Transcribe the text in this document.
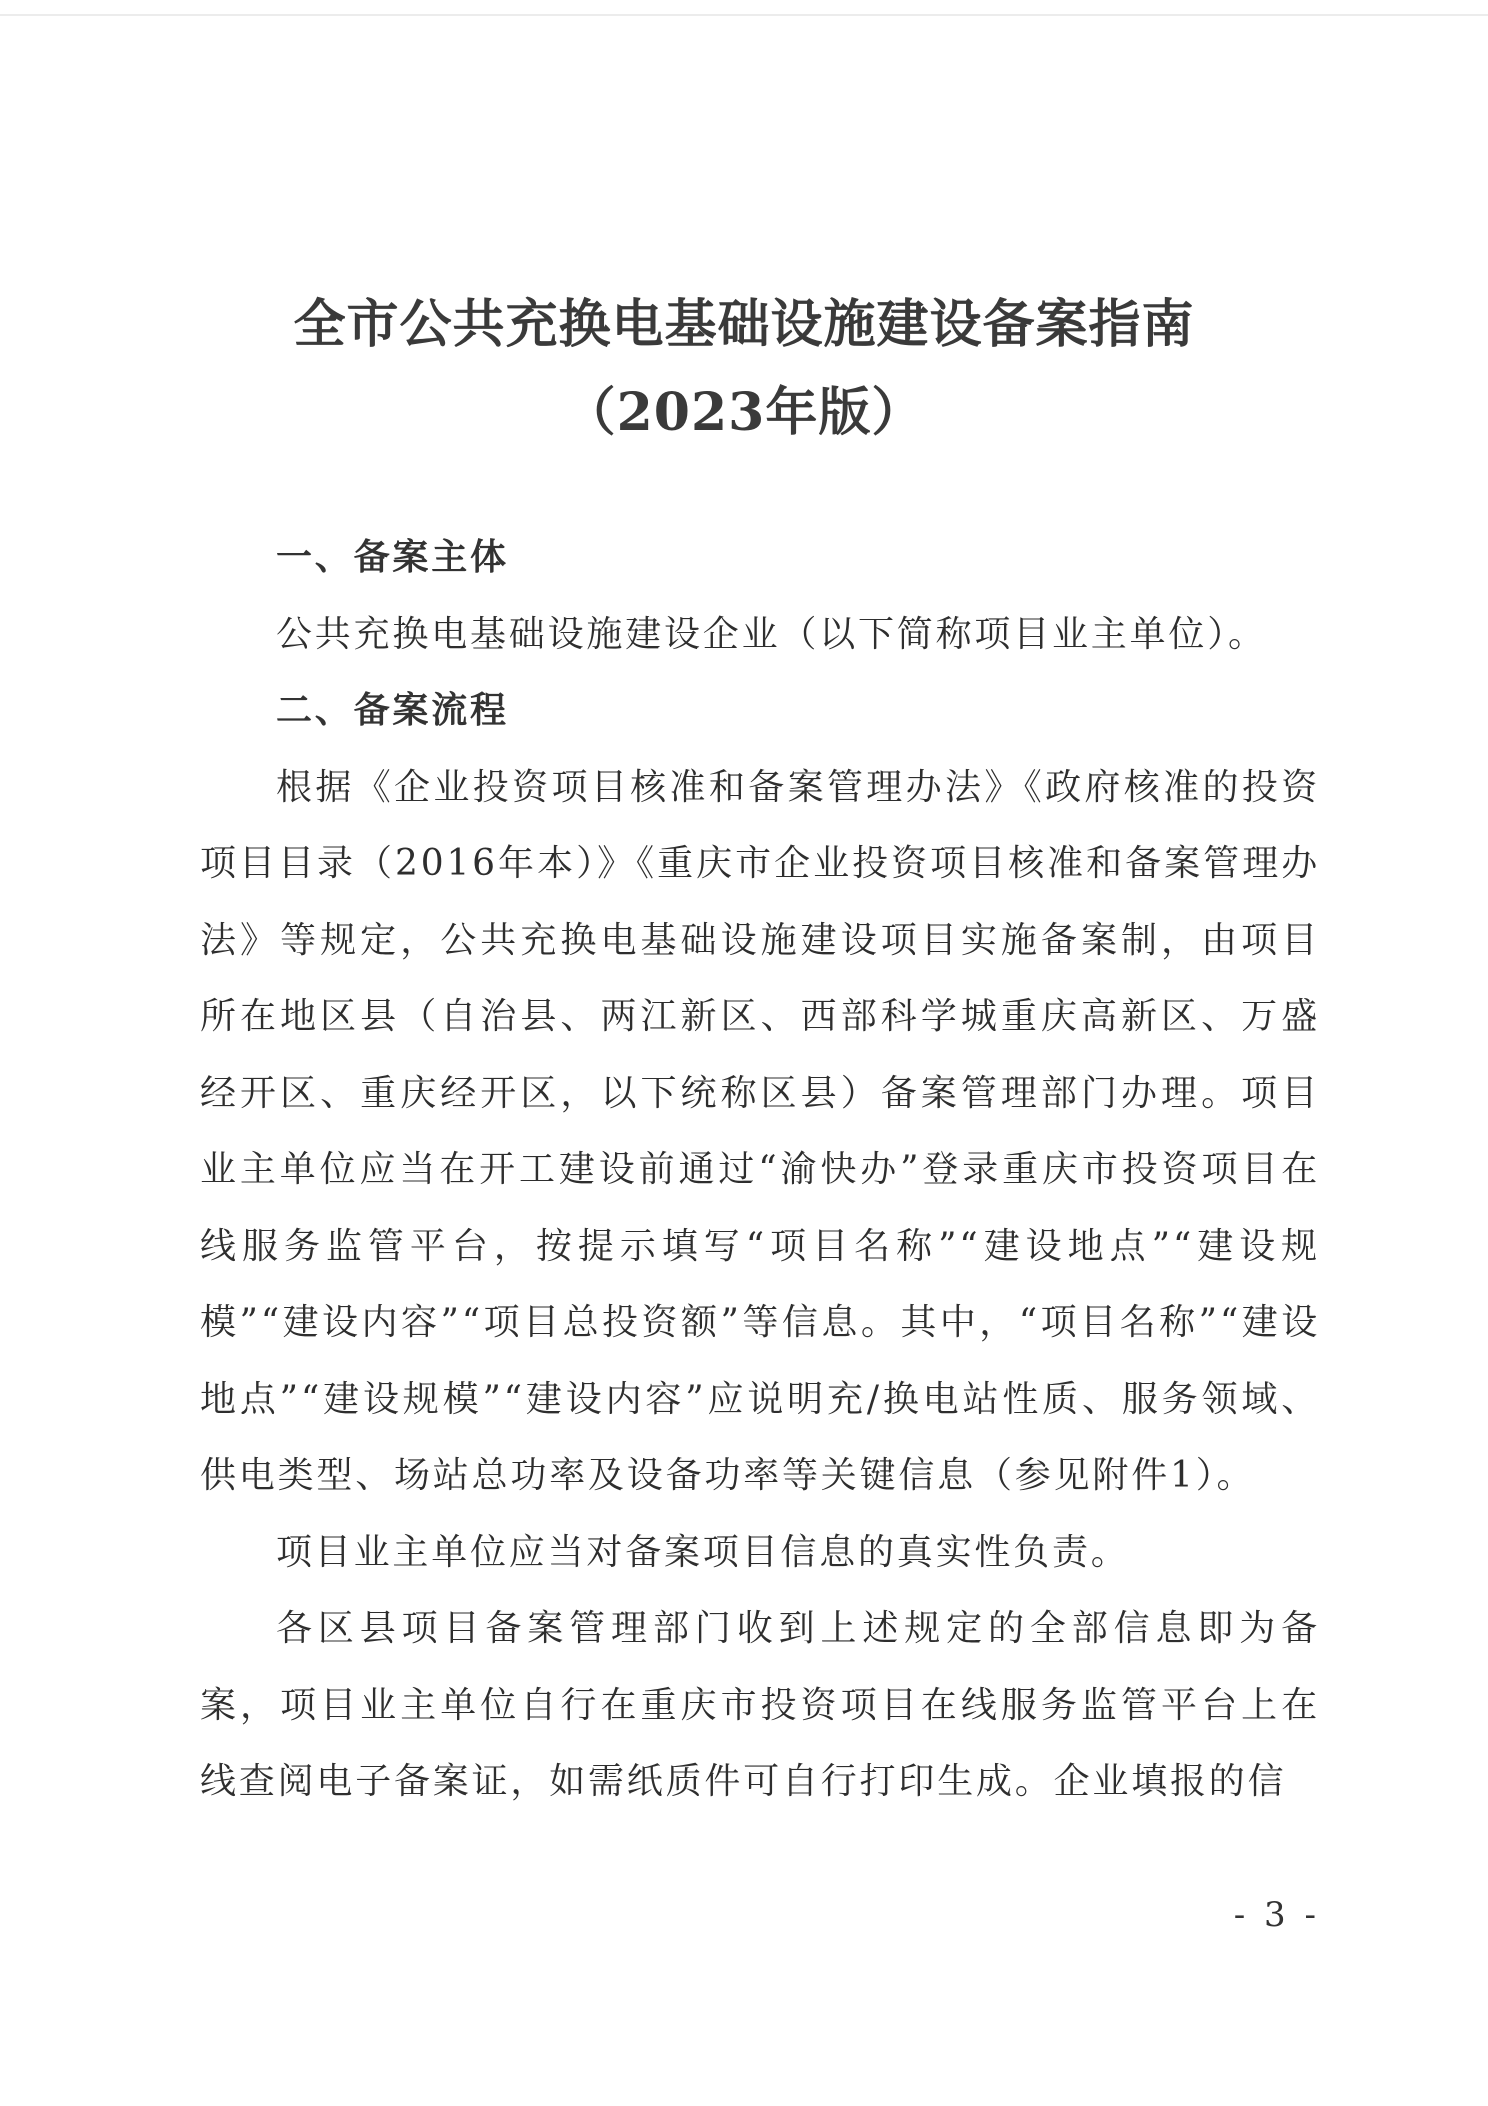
全市公共充换电基础设施建设备案指南
（2023年版）

一、备案主体

公共充换电基础设施建设企业（以下简称项目业主单位）。

二、备案流程

根据《企业投资项目核准和备案管理办法》《政府核准的投资项目目录（2016年本）》《重庆市企业投资项目核准和备案管理办法》等规定，公共充换电基础设施建设项目实施备案制，由项目所在地区县（自治县、两江新区、西部科学城重庆高新区、万盛经开区、重庆经开区，以下统称区县）备案管理部门办理。项目业主单位应当在开工建设前通过“渝快办”登录重庆市投资项目在线服务监管平台，按提示填写“项目名称”“建设地点”“建设规模”“建设内容”“项目总投资额”等信息。其中，“项目名称”“建设地点”“建设规模”“建设内容”应说明充/换电站性质、服务领域、供电类型、场站总功率及设备功率等关键信息（参见附件1）。

项目业主单位应当对备案项目信息的真实性负责。

各区县项目备案管理部门收到上述规定的全部信息即为备案，项目业主单位自行在重庆市投资项目在线服务监管平台上在线查阅电子备案证，如需纸质件可自行打印生成。企业填报的信

- 3 -
